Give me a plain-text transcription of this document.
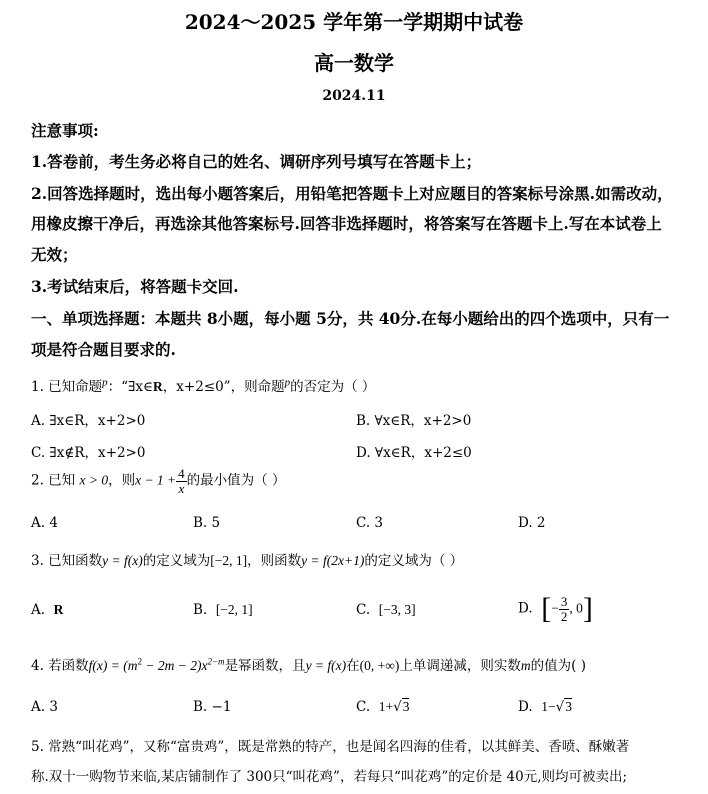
2024～2025 学年第一学期期中试卷
高一数学
2024.11
注意事项:
1.答卷前，考生务必将自己的姓名、调研序列号填写在答题卡上；
2.回答选择题时，选出每小题答案后，用铅笔把答题卡上对应题目的答案标号涂黑.如需改动，
用橡皮擦干净后，再选涂其他答案标号.回答非选择题时，将答案写在答题卡上.写在本试卷上
无效；
3.考试结束后，将答题卡交回.
一、单项选择题：本题共 8小题，每小题 5分，共 40分.在每小题给出的四个选项中，只有一
项是符合题目要求的.
1. 已知命题$^p$：“∃x∈R，x+2≤0”，则命题$^p$的否定为（ ）
A. ∃x∈R，x+2>0	B. ∀x∈R，x+2>0
C. ∃x∉R，x+2>0	D. ∀x∈R，x+2≤0
2. 已知 x > 0，则$x - 1 + \frac{4}{x}$ 的最小值为（ ）
A. 4	B. 5	C. 3	D. 2
3. 已知函数y = f(x)的定义域为[−2, 1]，则函数y = f(2x+1)的定义域为（ ）
A. R	B. [−2, 1]	C. [−3, 3]	D. [− $\frac{3}{2}$ , 0]
4. 若函数$f(x) = (m^2 - 2m - 2)x^{2-m}$是幂函数，且y = f(x)在(0, +∞)上单调递减，则实数m的值为( )
A. 3	B. −1	C. 1+√3	D. 1−√3
5. 常熟“叫花鸡”，又称“富贵鸡”，既是常熟的特产，也是闻名四海的佳肴，以其鲜美、香喷、酥嫩著
称.双十一购物节来临,某店铺制作了 300只“叫花鸡”，若每只“叫花鸡”的定价是 40元,则均可被卖出;
